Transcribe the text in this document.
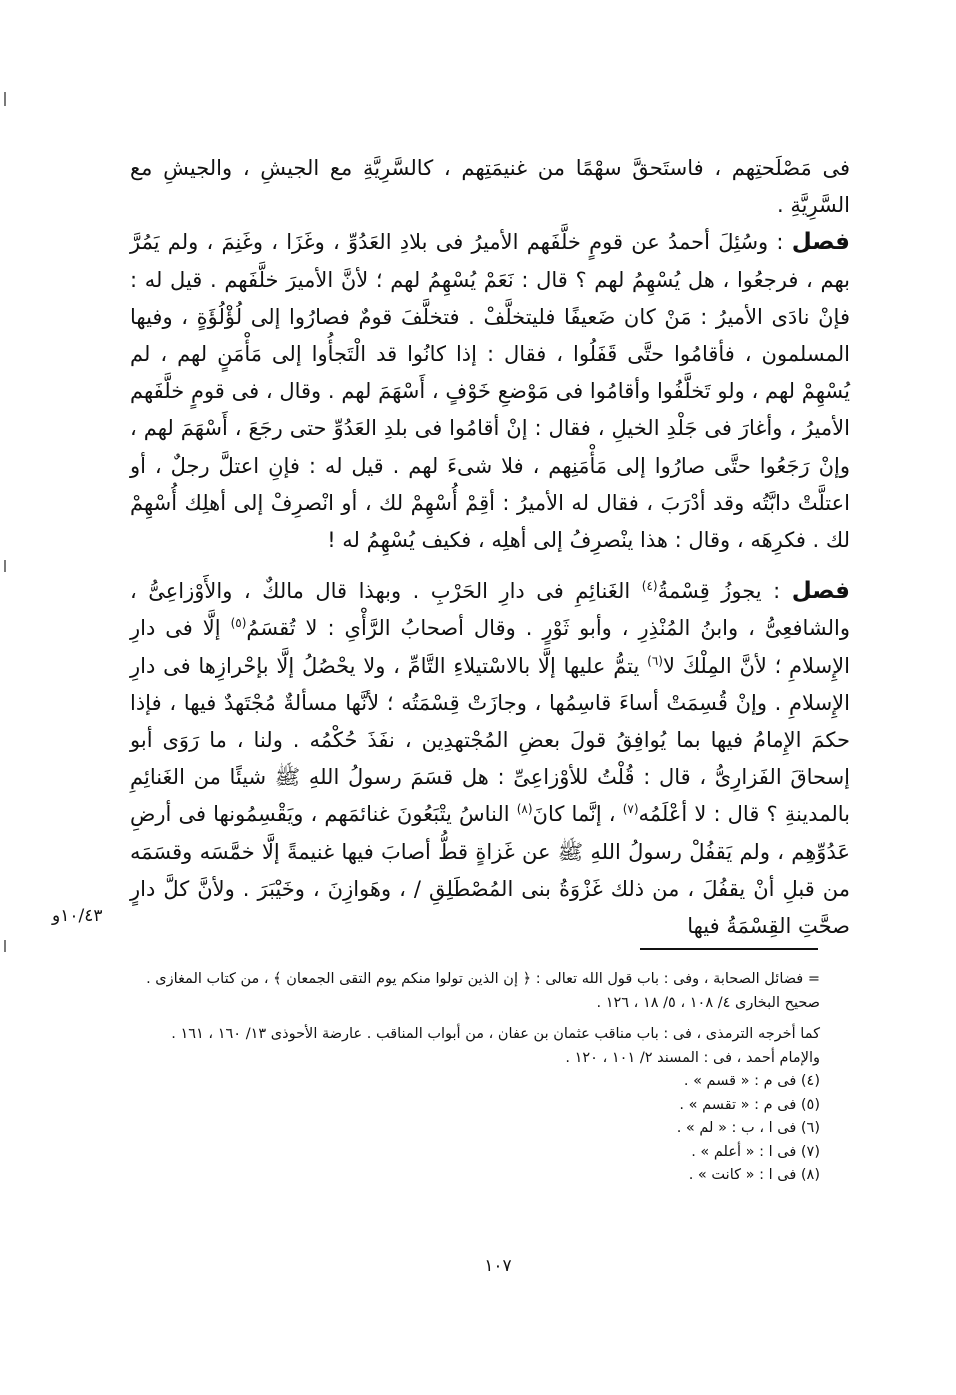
فى مَصْلَحتِهم ، فاستَحقَّ سهْمًا من غنيمَتِهم ، كالسَّرِيَّةِ مع الجيشِ ، والجيشِ مع السَّرِيَّةِ .

فصل : وسُئِلَ أحمدُ عن قومٍ خلَّفَهم الأميرُ فى بلادِ العَدُوِّ ، وغَزَا ، وغَنِمَ ، ولم يَمُرَّ بهم ، فرجعُوا ، هل يُسْهِمُ لهم ؟ قال : نَعَمْ يُسْهِمُ لهم ؛ لأنَّ الأميرَ خلَّفَهم . قيل له : فإنْ نادَى الأميرُ : مَنْ كان ضَعيفًا فليتخلَّفْ . فتخلَّفَ قومٌ فصارُوا إلى لُؤْلُؤَةٍ ، وفيها المسلمون ، فأقامُوا حتَّى قَفَلُوا ، فقال : إذا كانُوا قد الْتَجأُوا إلى مَأْمَنٍ لهم ، لم يُسْهِمْ لهم ، ولو تَخلَّفُوا وأقامُوا فى مَوْضعِ خَوْفٍ ، أَسْهَمَ لهم . وقال ، فى قومٍ خلَّفَهم الأميرُ ، وأغارَ فى جَلْدِ الخيلِ ، فقال : إنْ أقامُوا فى بلدِ العَدُوِّ حتى رجَعَ ، أَسْهَمَ لهم ، وإنْ رَجَعُوا حتَّى صارُوا إلى مَأْمَنِهم ، فلا شىءَ لهم . قيل له : فإنِ اعتلَّ رجلٌ ، أو اعتلَّتْ دابَّتُه وقد أدْرَبَ ، فقال له الأميرُ : أقِمْ أُسْهِمْ لك ، أو انْصرِفْ إلى أهلِك أُسْهِمْ لك . فكرِهَه ، وقال : هذا ينْصرِفُ إلى أهلِه ، فكيف يُسْهِمُ له !

فصل : يجوزُ قِسْمةُ$^{(٤)}$ الغَنائِمِ فى دارِ الحَرْبِ . وبهذا قال مالكٌ ، والأَوْزاعِىُّ ، والشافعِىُّ ، وابنُ المُنْذِرِ ، وأبو ثَوْرٍ . وقال أصحابُ الرَّأْىِ : لا تُقسَمُ$^{(٥)}$ إلَّا فى دارِ الإِسلامِ ؛ لأنَّ المِلْكَ لا$^{(٦)}$ يتمُّ عليها إلَّا بالاسْتيلاءِ التَّامِّ ، ولا يحْصُلُ إلَّا بإحْرازِها فى دارِ الإِسلامِ . وإنْ قُسِمَتْ أساءَ قاسِمُها ، وجازَتْ قِسْمَتُه ؛ لأنَّها مسألةٌ مُجْتَهدٌ فيها ، فإذا حكمَ الإِمامُ فيها بما يُوافِقُ قولَ بعضِ المُجْتهدِين ، نفَذَ حُكْمُه . ولنا ، ما رَوَى أبو إسحاقَ الفَزارِىُّ ، قال : قُلْتُ للأوْزاعِىِّ : هل قسَمَ رسولُ اللهِ ﷺ شيئًا من الغَنائِمِ بالمدينةِ ؟ قال : لا أعْلَمُه$^{(٧)}$ ، إنَّما كانَ$^{(٨)}$ الناسُ يتْبَعُونَ غنائمَهم ، ويَقْسِمُونها فى أرضِ عَدُوِّهِم ، ولم يَقفُلْ رسولُ اللهِ ﷺ عن غَزاةٍ قطُّ أصابَ فيها غنيمةً إلَّا خمَّسَه وقسَمَه من قبلِ أنْ يقفُلَ ، من ذلك غَزْوَةُ بنى المُصْطَلِقِ / ، وهَوازِنَ ، وخَيْبَرَ . ولأنَّ كلَّ دارٍ صحَّتِ القِسْمَةُ فيها

١٠/٤٣و

= فضائل الصحابة ، وفى : باب قول الله تعالى : ﴿ إن الذين تولوا منكم يوم التقى الجمعان ﴾ ، من كتاب المغازى . صحيح البخارى ٤/ ١٠٨ ، ٥/ ١٨ ، ١٢٦ .

كما أخرجه الترمذى ، فى : باب مناقب عثمان بن عفان ، من أبواب المناقب . عارضة الأحوذى ١٣/ ١٦٠ ، ١٦١ . والإمام أحمد ، فى : المسند ٢/ ١٠١ ، ١٢٠ .

(٤) فى م : « قسم » .

(٥) فى م : « تقسم » .

(٦) فى ا ، ب : « لم » .

(٧) فى ا : « أعلم » .

(٨) فى ا : « كانت » .

١٠٧
